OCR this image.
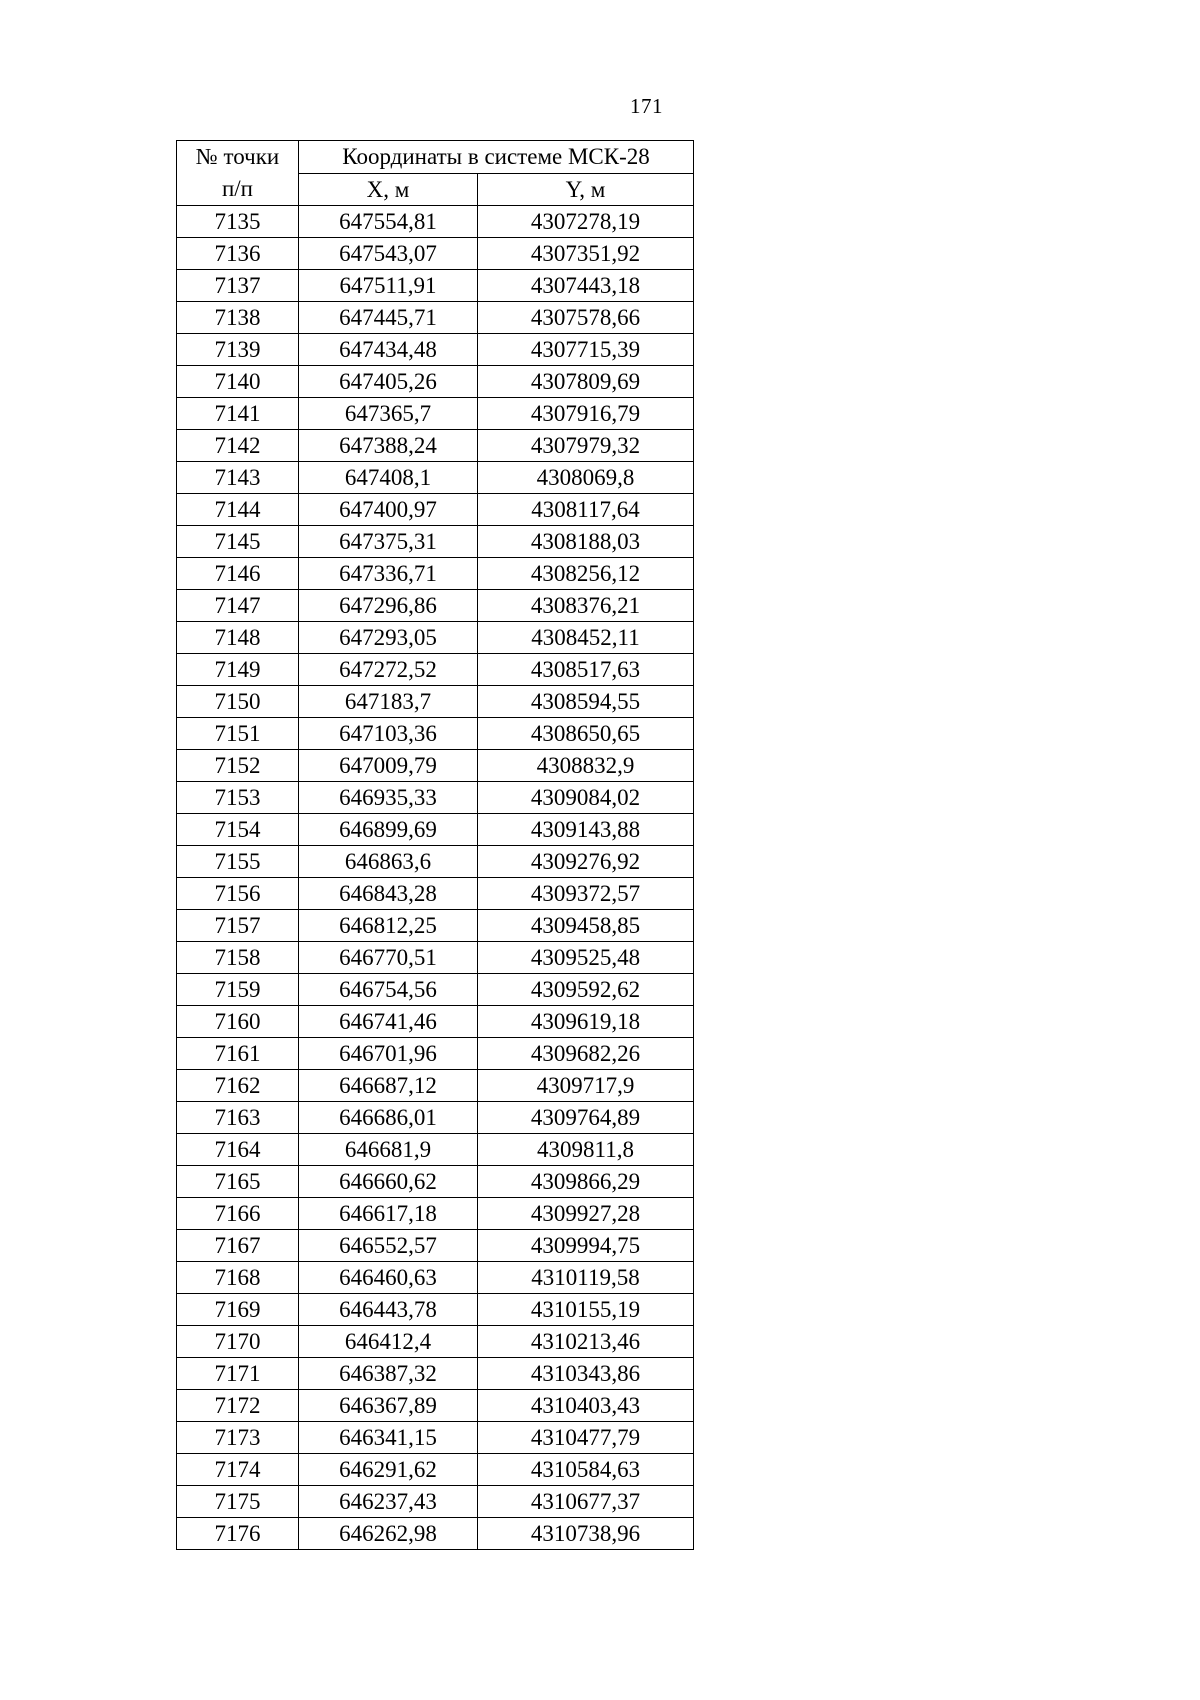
171
№ точки
п/п	Координаты в системе МСК-28	
	X, м	Y, м
7135	647554,81	4307278,19
7136	647543,07	4307351,92
7137	647511,91	4307443,18
7138	647445,71	4307578,66
7139	647434,48	4307715,39
7140	647405,26	4307809,69
7141	647365,7	4307916,79
7142	647388,24	4307979,32
7143	647408,1	4308069,8
7144	647400,97	4308117,64
7145	647375,31	4308188,03
7146	647336,71	4308256,12
7147	647296,86	4308376,21
7148	647293,05	4308452,11
7149	647272,52	4308517,63
7150	647183,7	4308594,55
7151	647103,36	4308650,65
7152	647009,79	4308832,9
7153	646935,33	4309084,02
7154	646899,69	4309143,88
7155	646863,6	4309276,92
7156	646843,28	4309372,57
7157	646812,25	4309458,85
7158	646770,51	4309525,48
7159	646754,56	4309592,62
7160	646741,46	4309619,18
7161	646701,96	4309682,26
7162	646687,12	4309717,9
7163	646686,01	4309764,89
7164	646681,9	4309811,8
7165	646660,62	4309866,29
7166	646617,18	4309927,28
7167	646552,57	4309994,75
7168	646460,63	4310119,58
7169	646443,78	4310155,19
7170	646412,4	4310213,46
7171	646387,32	4310343,86
7172	646367,89	4310403,43
7173	646341,15	4310477,79
7174	646291,62	4310584,63
7175	646237,43	4310677,37
7176	646262,98	4310738,96
